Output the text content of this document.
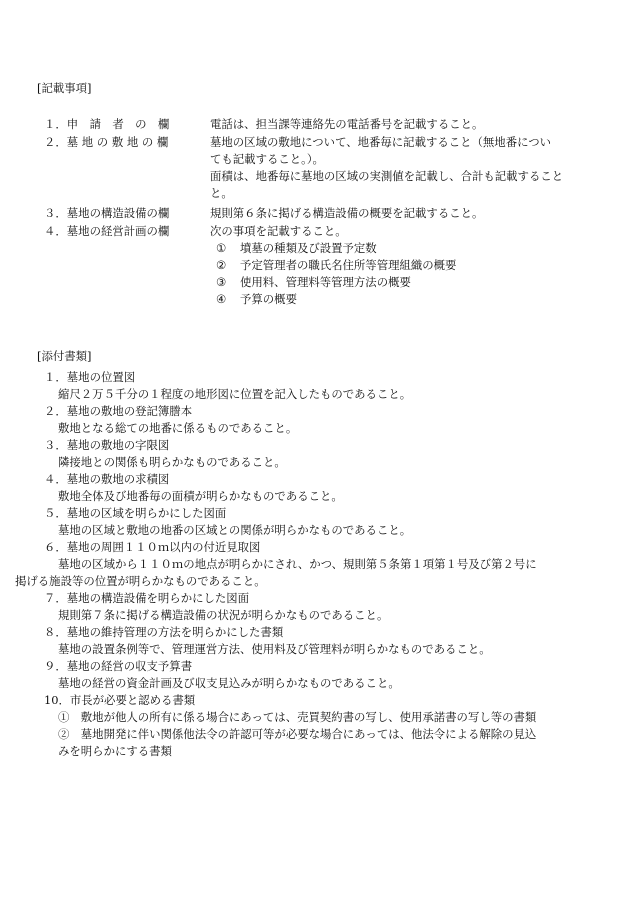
[記載事項]
１．申　請　者　の　欄	電話は、担当課等連絡先の電話番号を記載すること。
２．墓 地 の 敷 地 の 欄	墓地の区域の敷地について、地番毎に記載すること（無地番につい
ても記載すること。）。
面積は、地番毎に墓地の区域の実測値を記載し、合計も記載すること
と。
３．墓地の構造設備の欄	規則第６条に掲げる構造設備の概要を記載すること。
４．墓地の経営計画の欄	次の事項を記載すること。
①	墳墓の種類及び設置予定数
②	予定管理者の職氏名住所等管理組織の概要
③	使用料、管理料等管理方法の概要
④	予算の概要
[添付書類]
１．墓地の位置図
縮尺２万５千分の１程度の地形図に位置を記入したものであること。
２．墓地の敷地の登記簿謄本
敷地となる総ての地番に係るものであること。
３．墓地の敷地の字限図
隣接地との関係も明らかなものであること。
４．墓地の敷地の求積図
敷地全体及び地番毎の面積が明らかなものであること。
５．墓地の区域を明らかにした図面
墓地の区域と敷地の地番の区域との関係が明らかなものであること。
６．墓地の周囲１１０ｍ以内の付近見取図
墓地の区域から１１０ｍの地点が明らかにされ、かつ、規則第５条第１項第１号及び第２号に
掲げる施設等の位置が明らかなものであること。
７．墓地の構造設備を明らかにした図面
規則第７条に掲げる構造設備の状況が明らかなものであること。
８．墓地の維持管理の方法を明らかにした書類
墓地の設置条例等で、管理運営方法、使用料及び管理料が明らかなものであること。
９．墓地の経営の収支予算書
墓地の経営の資金計画及び収支見込みが明らかなものであること。
10．市長が必要と認める書類
①　敷地が他人の所有に係る場合にあっては、売買契約書の写し、使用承諾書の写し等の書類
②　墓地開発に伴い関係他法令の許認可等が必要な場合にあっては、他法令による解除の見込
みを明らかにする書類
